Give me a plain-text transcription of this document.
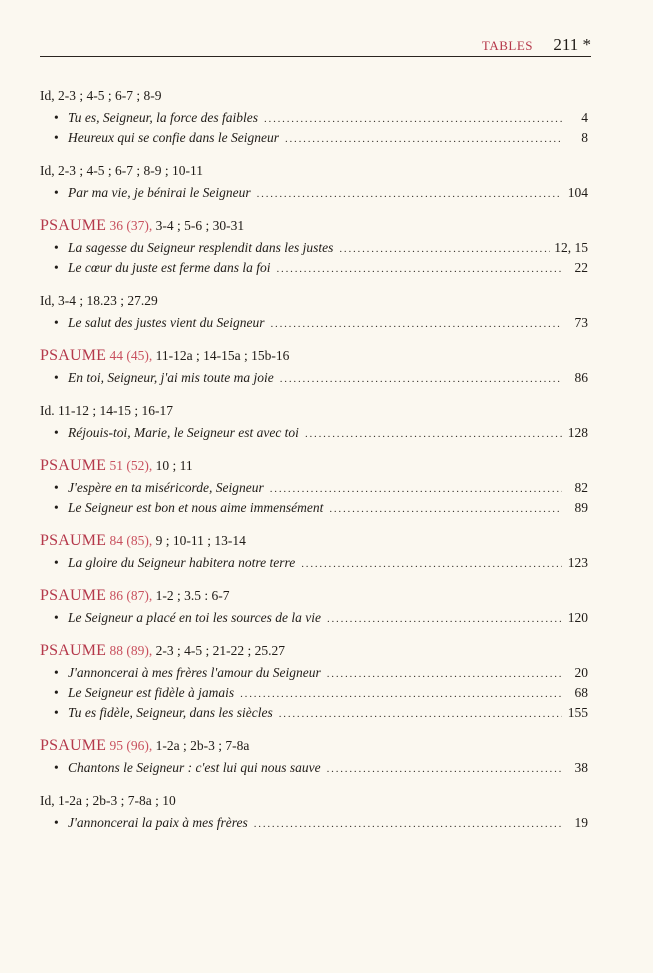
TABLES 211 *
Id, 2-3 ; 4-5 ; 6-7 ; 8-9
• Tu es, Seigneur, la force des faibles .....	4
• Heureux qui se confie dans le Seigneur .....	8
Id, 2-3 ; 4-5 ; 6-7 ; 8-9 ; 10-11
• Par ma vie, je bénirai le Seigneur .....	104
PSAUME 36 (37), 3-4 ; 5-6 ; 30-31
• La sagesse du Seigneur resplendit dans les justes .....	12, 15
• Le cœur du juste est ferme dans la foi .....	22
Id, 3-4 ; 18.23 ; 27.29
• Le salut des justes vient du Seigneur .....	73
PSAUME 44 (45), 11-12a ; 14-15a ; 15b-16
• En toi, Seigneur, j'ai mis toute ma joie .....	86
Id. 11-12 ; 14-15 ; 16-17
• Réjouis-toi, Marie, le Seigneur est avec toi .....	128
PSAUME 51 (52), 10 ; 11
• J'espère en ta miséricorde, Seigneur .....	82
• Le Seigneur est bon et nous aime immensément .....	89
PSAUME 84 (85), 9 ; 10-11 ; 13-14
• La gloire du Seigneur habitera notre terre .....	123
PSAUME 86 (87), 1-2 ; 3.5 : 6-7
• Le Seigneur a placé en toi les sources de la vie .....	120
PSAUME 88 (89), 2-3 ; 4-5 ; 21-22 ; 25.27
• J'annoncerai à mes frères l'amour du Seigneur .....	20
• Le Seigneur est fidèle à jamais .....	68
• Tu es fidèle, Seigneur, dans les siècles .....	155
PSAUME 95 (96), 1-2a ; 2b-3 ; 7-8a
• Chantons le Seigneur : c'est lui qui nous sauve .....	38
Id, 1-2a ; 2b-3 ; 7-8a ; 10
• J'annoncerai la paix à mes frères .....	19
